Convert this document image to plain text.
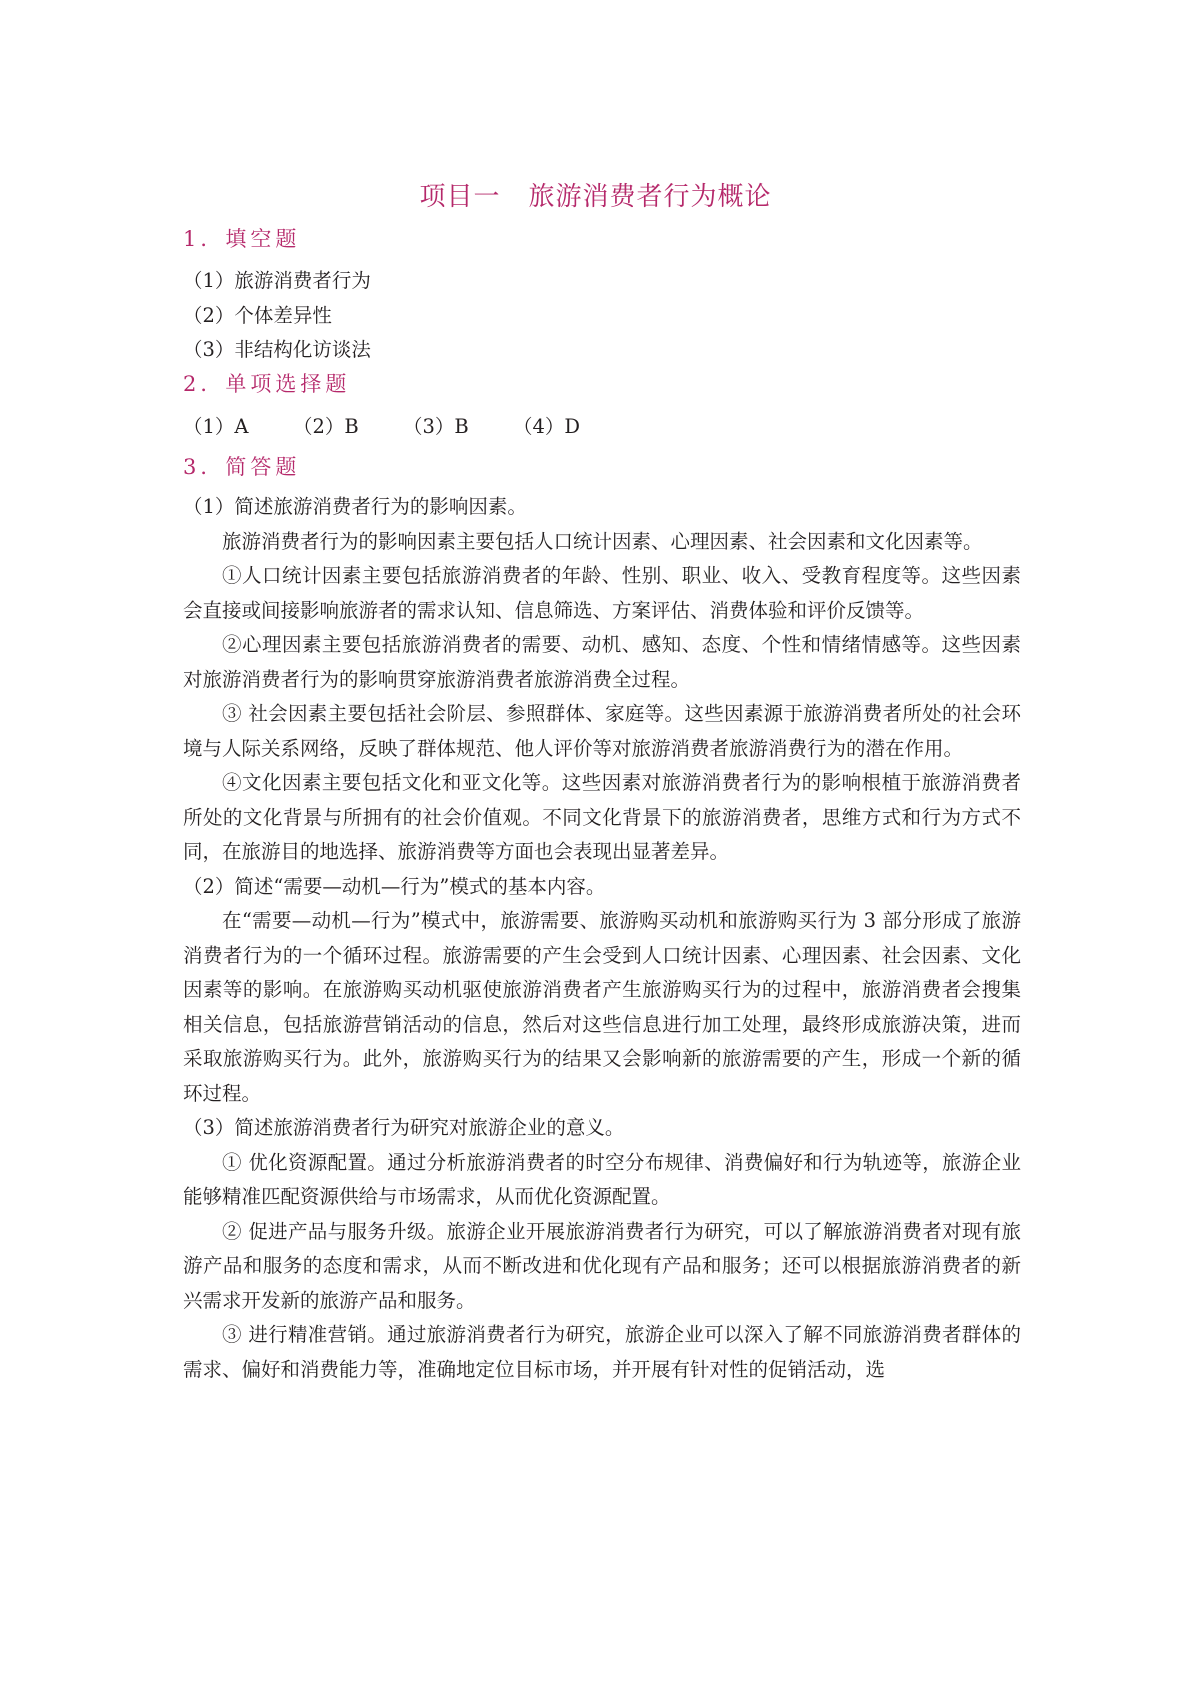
项目一 旅游消费者行为概论
1．填空题
（1）旅游消费者行为
（2）个体差异性
（3）非结构化访谈法
2．单项选择题
（1）A （2）B （3）B （4）D
3．简答题
（1）简述旅游消费者行为的影响因素。
旅游消费者行为的影响因素主要包括人口统计因素、心理因素、社会因素和文化因素等。
①人口统计因素主要包括旅游消费者的年龄、性别、职业、收入、受教育程度等。这些因素会直接或间接影响旅游者的需求认知、信息筛选、方案评估、消费体验和评价反馈等。
②心理因素主要包括旅游消费者的需要、动机、感知、态度、个性和情绪情感等。这些因素对旅游消费者行为的影响贯穿旅游消费者旅游消费全过程。
③ 社会因素主要包括社会阶层、参照群体、家庭等。这些因素源于旅游消费者所处的社会环境与人际关系网络，反映了群体规范、他人评价等对旅游消费者旅游消费行为的潜在作用。
④文化因素主要包括文化和亚文化等。这些因素对旅游消费者行为的影响根植于旅游消费者所处的文化背景与所拥有的社会价值观。不同文化背景下的旅游消费者，思维方式和行为方式不同，在旅游目的地选择、旅游消费等方面也会表现出显著差异。
（2）简述“需要—动机—行为”模式的基本内容。
在“需要—动机—行为”模式中，旅游需要、旅游购买动机和旅游购买行为 3 部分形成了旅游消费者行为的一个循环过程。旅游需要的产生会受到人口统计因素、心理因素、社会因素、文化因素等的影响。在旅游购买动机驱使旅游消费者产生旅游购买行为的过程中，旅游消费者会搜集相关信息，包括旅游营销活动的信息，然后对这些信息进行加工处理，最终形成旅游决策，进而采取旅游购买行为。此外，旅游购买行为的结果又会影响新的旅游需要的产生，形成一个新的循环过程。
（3）简述旅游消费者行为研究对旅游企业的意义。
① 优化资源配置。通过分析旅游消费者的时空分布规律、消费偏好和行为轨迹等，旅游企业能够精准匹配资源供给与市场需求，从而优化资源配置。
② 促进产品与服务升级。旅游企业开展旅游消费者行为研究，可以了解旅游消费者对现有旅游产品和服务的态度和需求，从而不断改进和优化现有产品和服务；还可以根据旅游消费者的新兴需求开发新的旅游产品和服务。
③ 进行精准营销。通过旅游消费者行为研究，旅游企业可以深入了解不同旅游消费者群体的需求、偏好和消费能力等，准确地定位目标市场，并开展有针对性的促销活动，选
